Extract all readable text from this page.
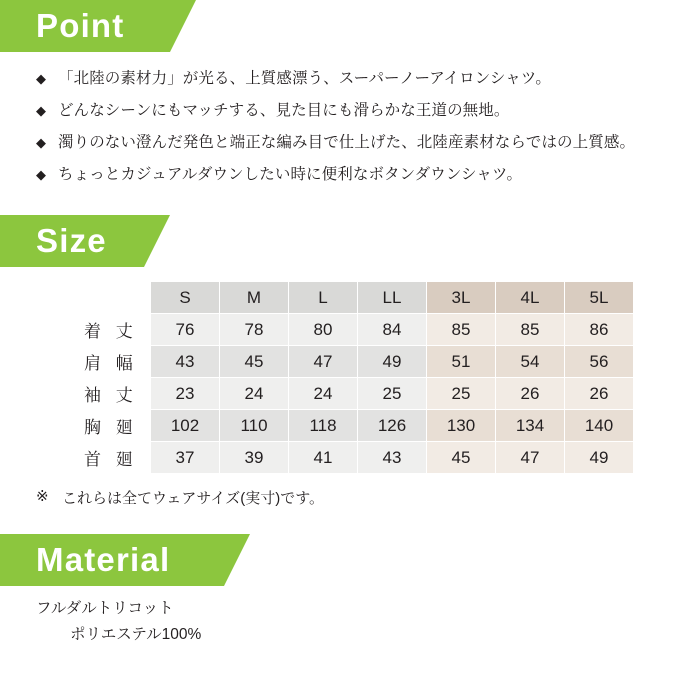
Point
◆ 「北陸の素材力」が光る、上質感漂う、スーパーノーアイロンシャツ。
◆ どんなシーンにもマッチする、見た目にも滑らかな王道の無地。
◆ 濁りのない澄んだ発色と端正な編み目で仕上げた、北陸産素材ならではの上質感。
◆ ちょっとカジュアルダウンしたい時に便利なボタンダウンシャツ。
Size
	S	M	L	LL	3L	4L	5L
着 丈	76	78	80	84	85	85	86
肩 幅	43	45	47	49	51	54	56
袖 丈	23	24	24	25	25	26	26
胸 廻	102	110	118	126	130	134	140
首 廻	37	39	41	43	45	47	49
※ これらは全てウェアサイズ(実寸)です。
Material
フルダルトリコット
ポリエステル100%
